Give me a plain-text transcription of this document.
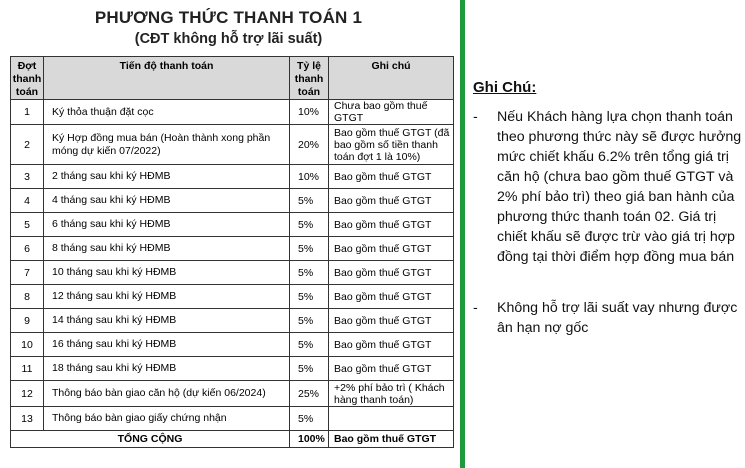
PHƯƠNG THỨC THANH TOÁN 1
(CĐT không hỗ trợ lãi suất)
Đợt thanh toán	Tiến độ thanh toán	Tỷ lệ thanh toán	Ghi chú
1	Ký thỏa thuận đặt cọc	10%	Chưa bao gồm thuế GTGT
2	Ký Hợp đồng mua bán (Hoàn thành xong phần móng dự kiến 07/2022)	20%	Bao gồm thuế GTGT (đã bao gồm số tiền thanh toán đợt 1 là 10%)
3	2 tháng sau khi ký HĐMB	10%	Bao gồm thuế GTGT
4	4 tháng sau khi ký HĐMB	5%	Bao gồm thuế GTGT
5	6 tháng sau khi ký HĐMB	5%	Bao gồm thuế GTGT
6	8 tháng sau khi ký HĐMB	5%	Bao gồm thuế GTGT
7	10 tháng sau khi ký HĐMB	5%	Bao gồm thuế GTGT
8	12 tháng sau khi ký HĐMB	5%	Bao gồm thuế GTGT
9	14 tháng sau khi ký HĐMB	5%	Bao gồm thuế GTGT
10	16 tháng sau khi ký HĐMB	5%	Bao gồm thuế GTGT
11	18 tháng sau khi ký HĐMB	5%	Bao gồm thuế GTGT
12	Thông báo bàn giao căn hộ (dự kiến 06/2024)	25%	+2% phí bảo trì ( Khách hàng thanh toán)
13	Thông báo bàn giao giấy chứng nhận	5%	
TỔNG CỘNG		100%	Bao gồm thuế GTGT
Ghi Chú:
- Nếu Khách hàng lựa chọn thanh toán theo phương thức này sẽ được hưởng mức chiết khấu 6.2% trên tổng giá trị căn hộ (chưa bao gồm thuế GTGT và 2% phí bảo trì) theo giá ban hành của phương thức thanh toán 02. Giá trị chiết khấu sẽ được trừ vào giá trị hợp đồng tại thời điểm hợp đồng mua bán
- Không hỗ trợ lãi suất vay nhưng được ân hạn nợ gốc
